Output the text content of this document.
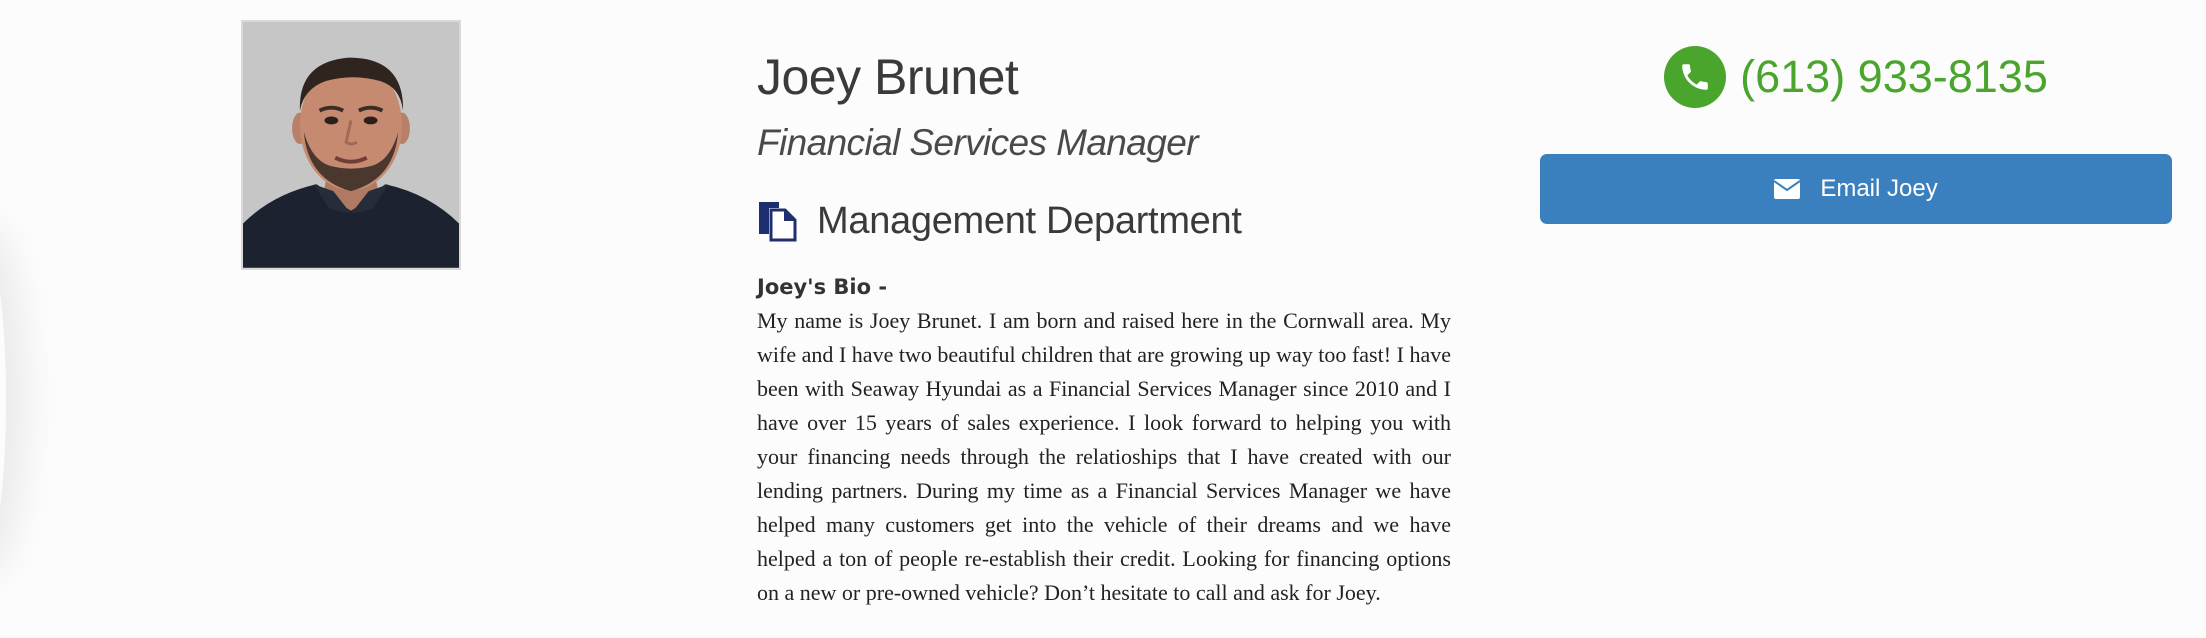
Joey Brunet
Financial Services Manager
Management Department
Joey's Bio -
My name is Joey Brunet. I am born and raised here in the Cornwall area. My wife and I have two beautiful children that are growing up way too fast! I have been with Seaway Hyundai as a Financial Services Manager since 2010 and I have over 15 years of sales experience. I look forward to helping you with your financing needs through the relatioships that I have created with our lending partners. During my time as a Financial Services Manager we have helped many customers get into the vehicle of their dreams and we have helped a ton of people re-establish their credit. Looking for financing options on a new or pre-owned vehicle? Don’t hesitate to call and ask for Joey.
(613) 933-8135
Email Joey
